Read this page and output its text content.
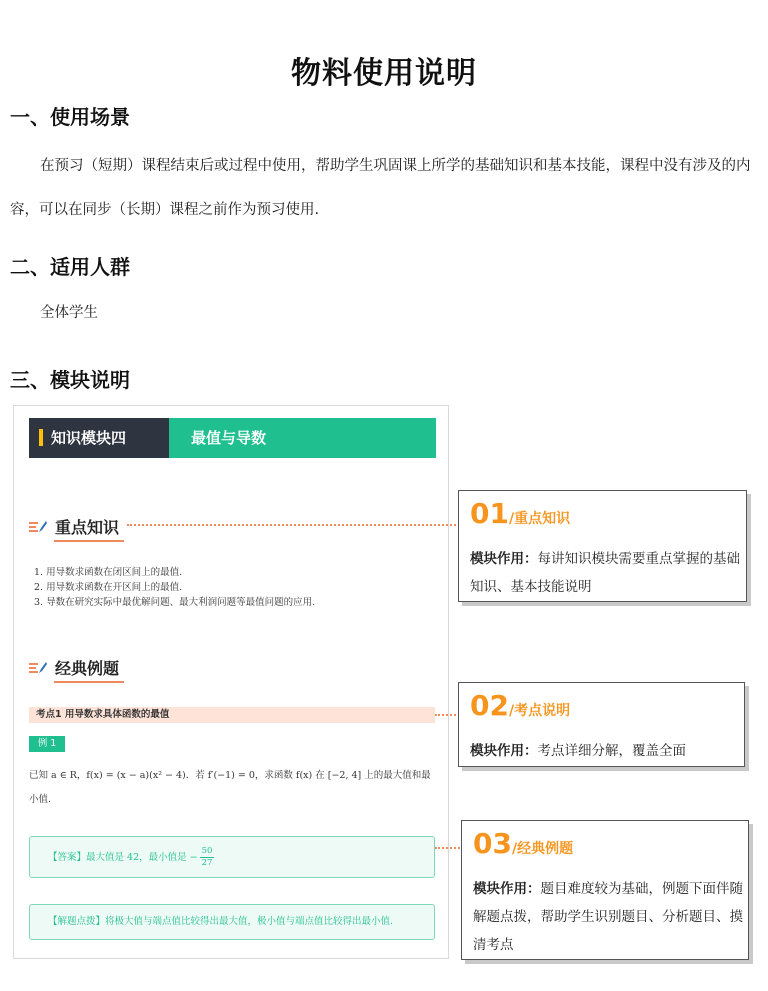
物料使用说明
一、使用场景
在预习（短期）课程结束后或过程中使用，帮助学生巩固课上所学的基础知识和基本技能，课程中没有涉及的内容，可以在同步（长期）课程之前作为预习使用.
二、适用人群
全体学生
三、模块说明
知识模块四	最值与导数
重点知识
1. 用导数求函数在闭区间上的最值.
2. 用导数求函数在开区间上的最值.
3. 导数在研究实际中最优解问题、最大利润问题等最值问题的应用.
经典例题
考点1 用导数求具体函数的最值
例 1
已知 a ∈ R，f(x) = (x − a)(x² − 4)．若 f′(−1) = 0，求函数 f(x) 在 [−2, 4] 上的最大值和最小值.
【答案】最大值是 42，最小值是 − $\frac{50}{27}$
【解题点拨】将极大值与端点值比较得出最大值，极小值与端点值比较得出最小值.
01/重点知识
模块作用：每讲知识模块需要重点掌握的基础知识、基本技能说明
02/考点说明
模块作用：考点详细分解，覆盖全面
03/经典例题
模块作用：题目难度较为基础，例题下面伴随解题点拨，帮助学生识别题目、分析题目、摸清考点
